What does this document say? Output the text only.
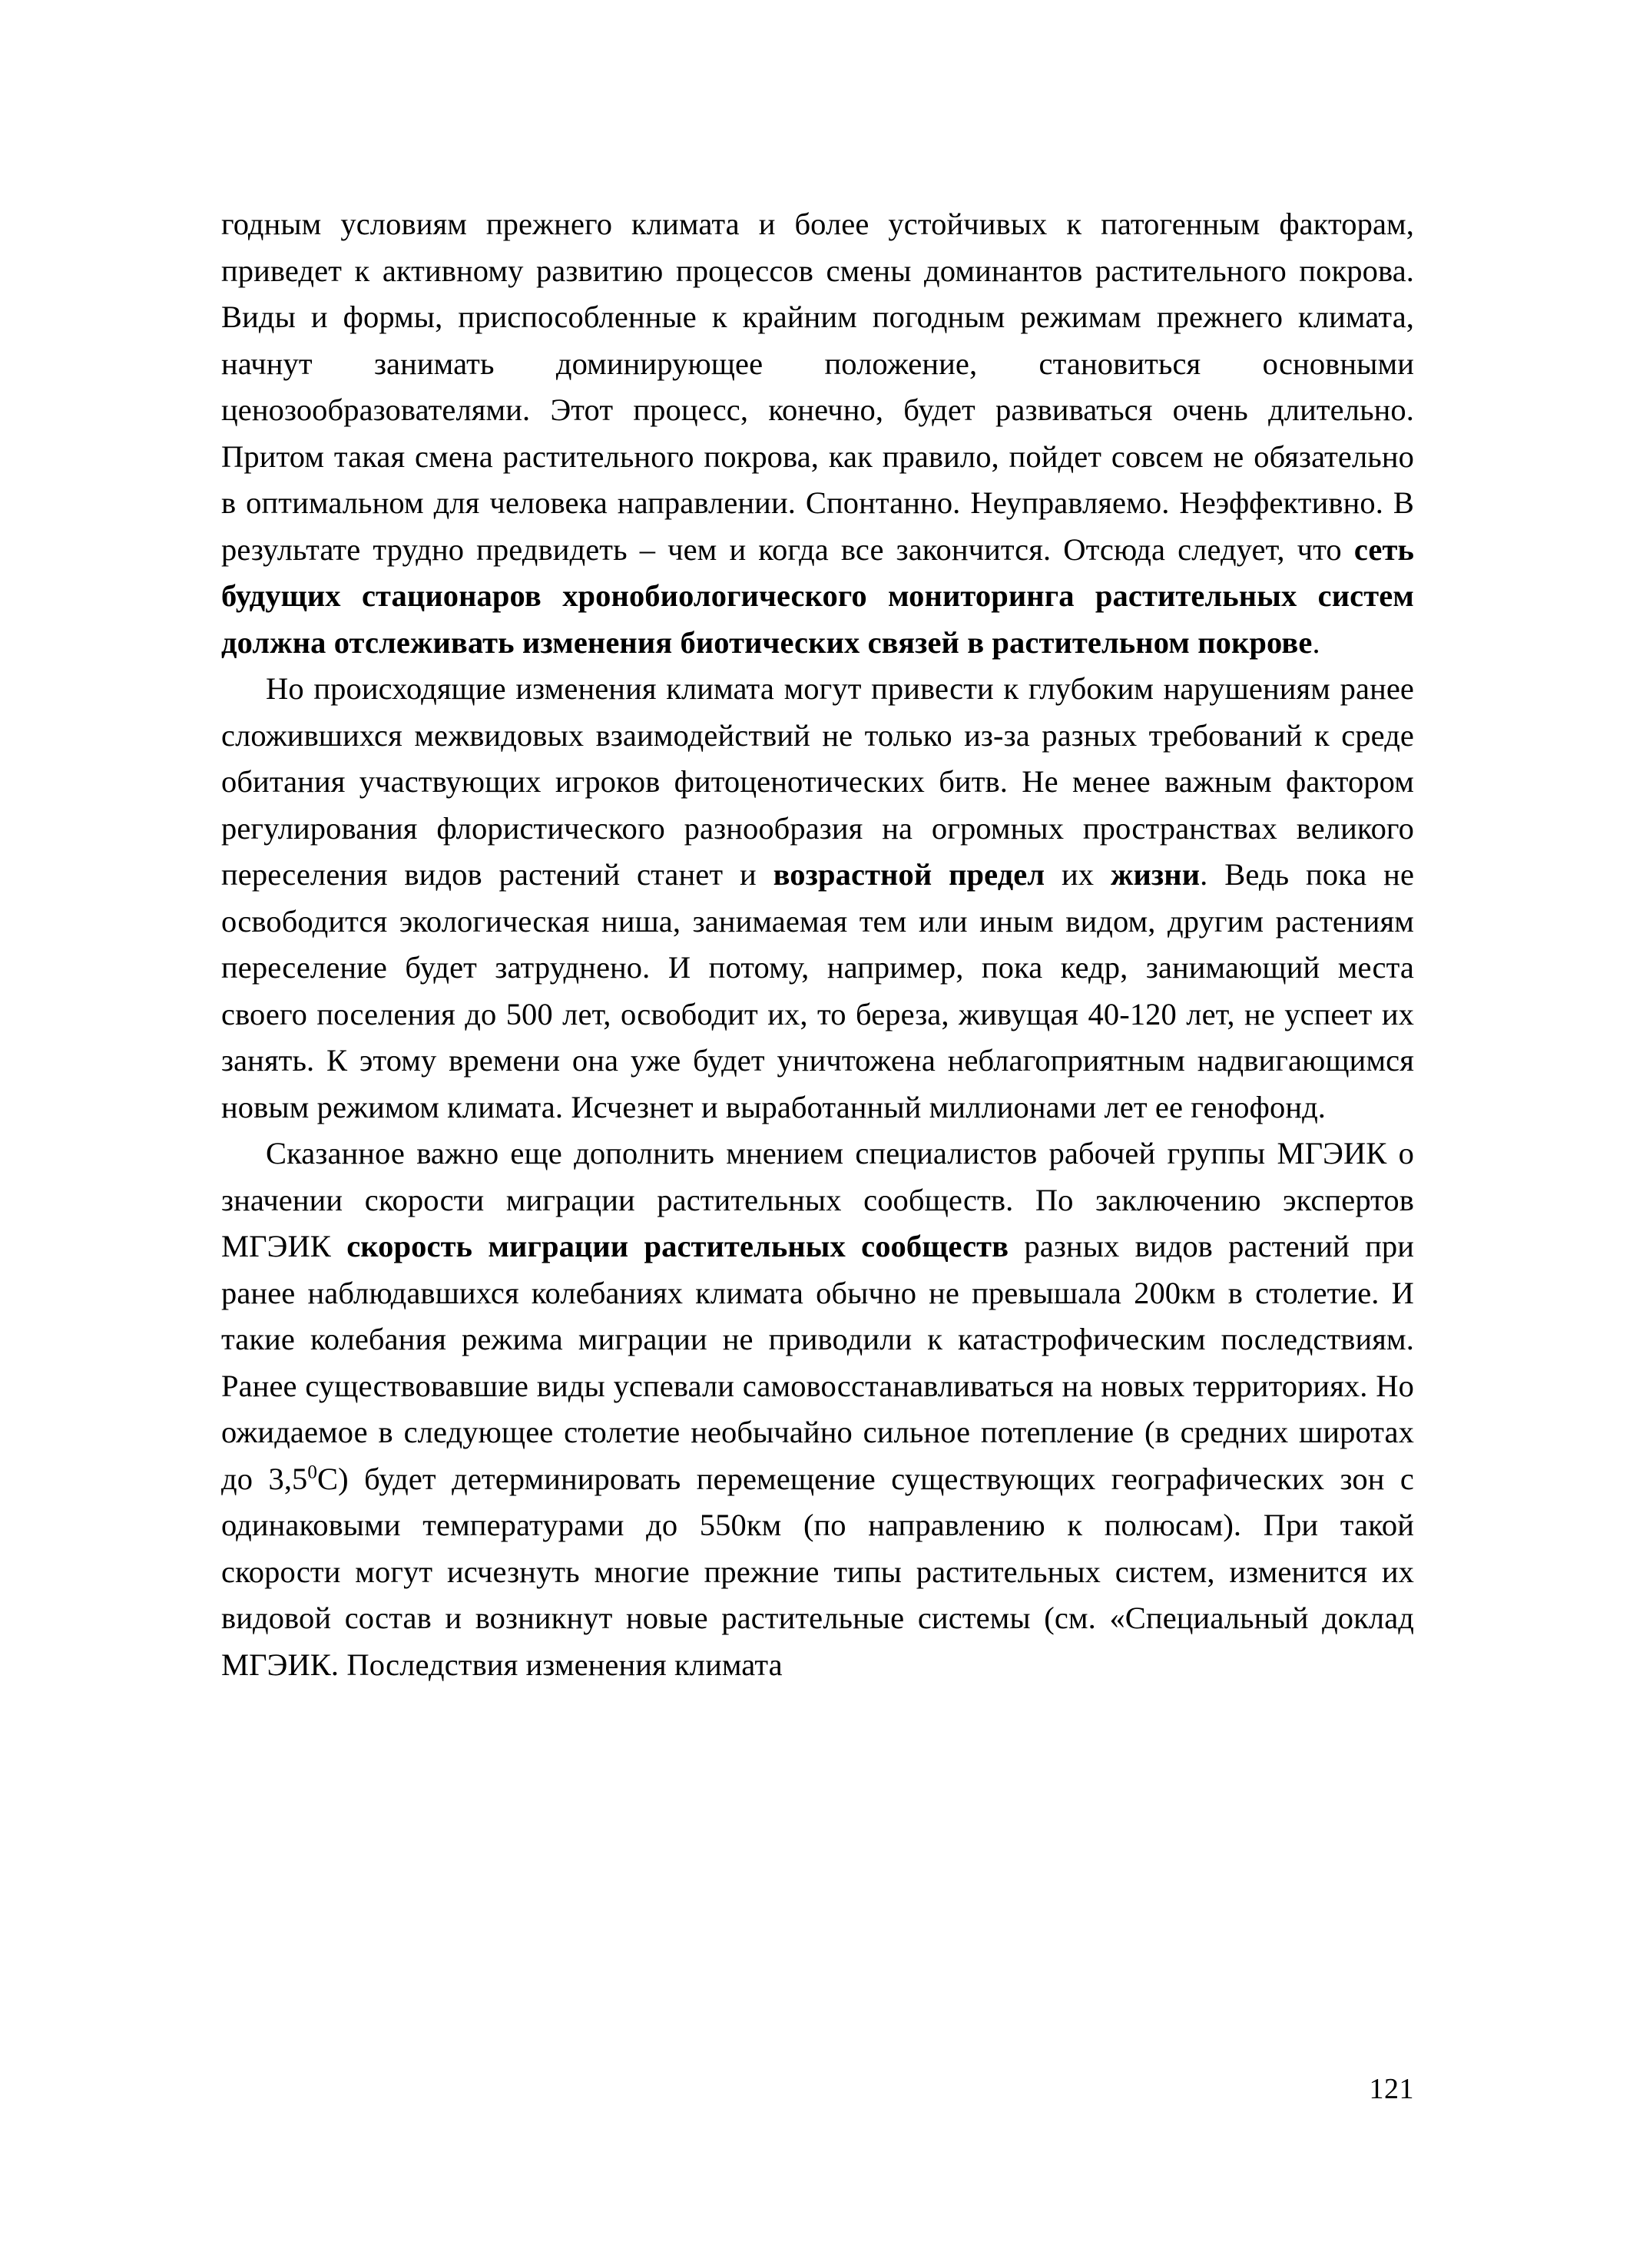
годным условиям прежнего климата и более устойчивых к патогенным факторам, приведет к активному развитию процессов смены доминантов растительного покрова. Виды и формы, приспособленные к крайним погодным режимам прежнего климата, начнут занимать доминирующее положение, становиться основными ценозообразователями. Этот процесс, конечно, будет развиваться очень длительно. Притом такая смена растительного покрова, как правило, пойдет совсем не обязательно в оптимальном для человека направлении. Спонтанно. Неуправляемо. Неэффективно. В результате трудно предвидеть – чем и когда все закончится. Отсюда следует, что сеть будущих стационаров хронобиологического мониторинга растительных систем должна отслеживать изменения биотических связей в растительном покрове.

Но происходящие изменения климата могут привести к глубоким нарушениям ранее сложившихся межвидовых взаимодействий не только из-за разных требований к среде обитания участвующих игроков фитоценотических битв. Не менее важным фактором регулирования флористического разнообразия на огромных пространствах великого переселения видов растений станет и возрастной предел их жизни. Ведь пока не освободится экологическая ниша, занимаемая тем или иным видом, другим растениям переселение будет затруднено. И потому, например, пока кедр, занимающий места своего поселения до 500 лет, освободит их, то береза, живущая 40-120 лет, не успеет их занять. К этому времени она уже будет уничтожена неблагоприятным надвигающимся новым режимом климата. Исчезнет и выработанный миллионами лет ее генофонд.

Сказанное важно еще дополнить мнением специалистов рабочей группы МГЭИК о значении скорости миграции растительных сообществ. По заключению экспертов МГЭИК скорость миграции растительных сообществ разных видов растений при ранее наблюдавшихся колебаниях климата обычно не превышала 200км в столетие. И такие колебания режима миграции не приводили к катастрофическим последствиям. Ранее существовавшие виды успевали самовосстанавливаться на новых территориях. Но ожидаемое в следующее столетие необычайно сильное потепление (в средних широтах до $3,5^0С$) будет детерминировать перемещение существующих географических зон с одинаковыми температурами до 550км (по направлению к полюсам). При такой скорости могут исчезнуть многие прежние типы растительных систем, изменится их видовой состав и возникнут новые растительные системы (см. «Специальный доклад МГЭИК. Последствия изменения климата

121
